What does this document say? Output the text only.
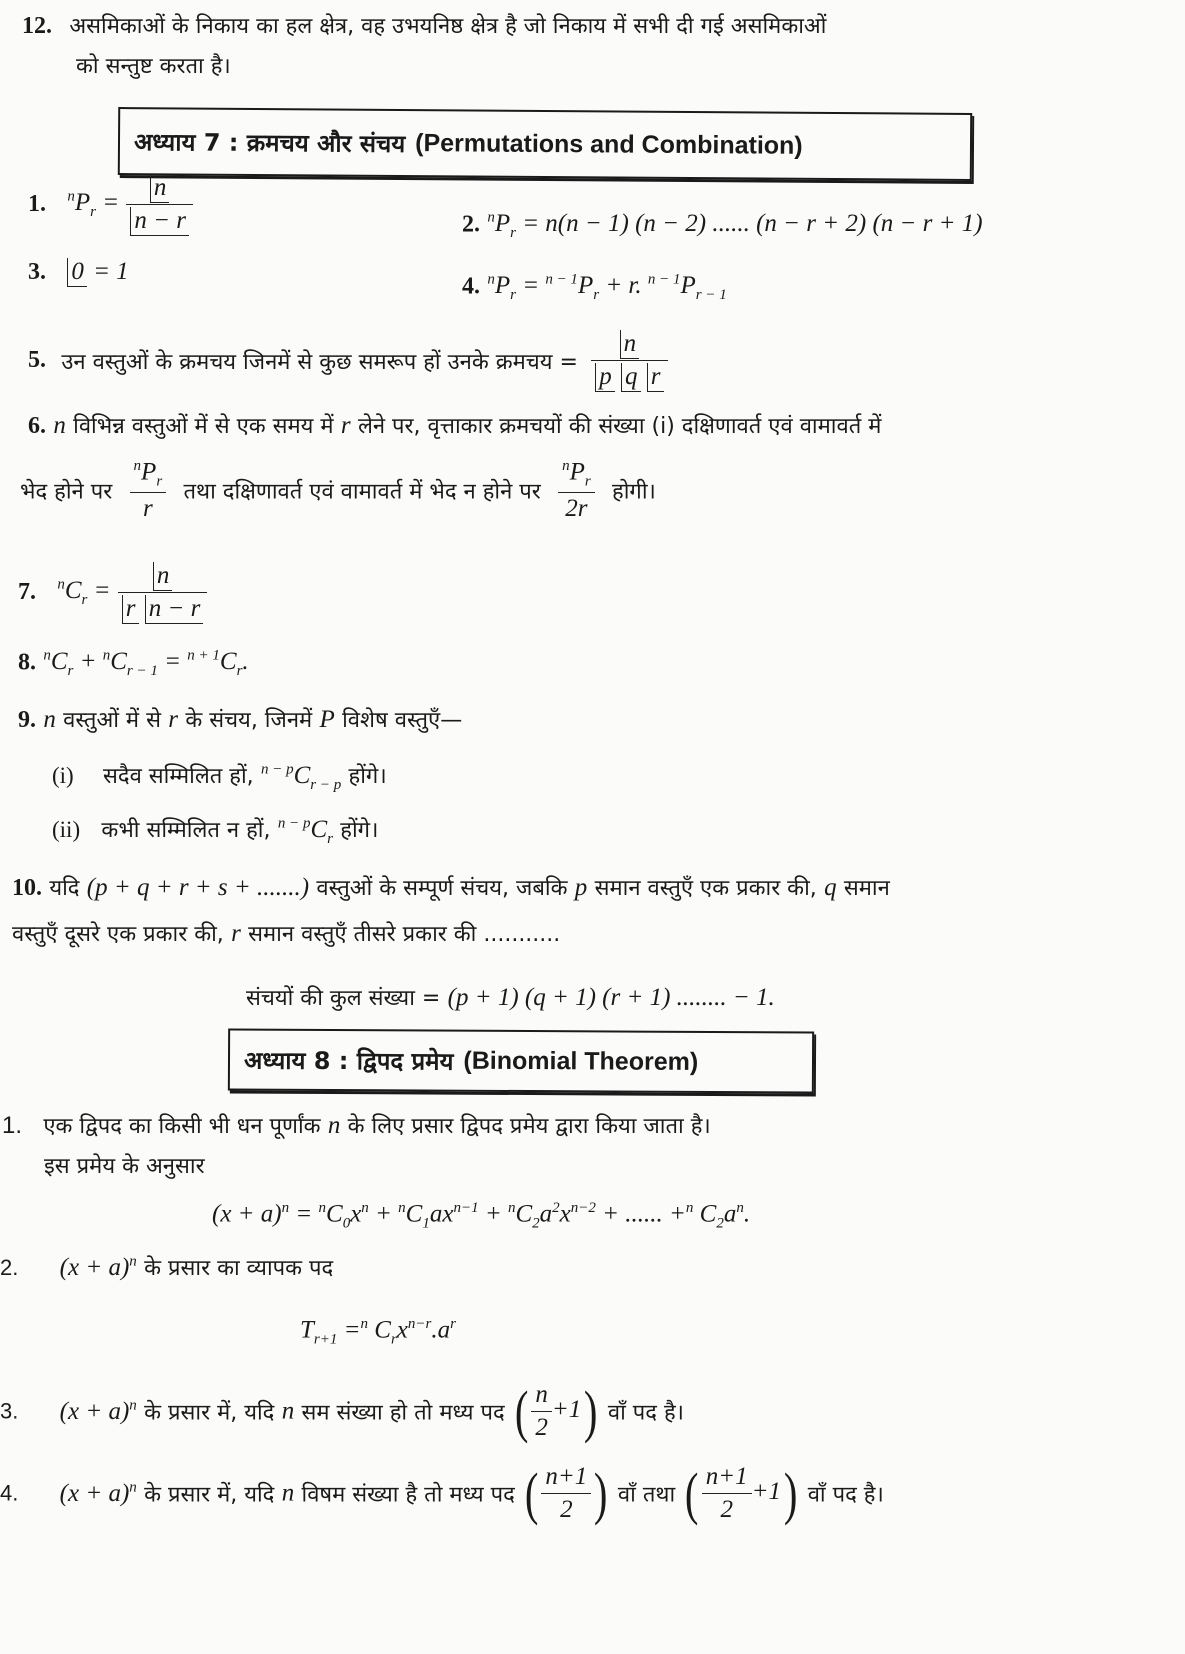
12. असमिकाओं के निकाय का हल क्षेत्र, वह उभयनिष्ठ क्षेत्र है जो निकाय में सभी दी गई असमिकाओं
को सन्तुष्ट करता है।
अध्याय 7 : क्रमचय और संचय (Permutations and Combination)
1. $^nP_r = \frac{n}{n - r}$	2. $^nP_r = n(n - 1) (n - 2)$ ...... (n − r + 2) (n − r + 1)
3. 0 = 1
4. $^nP_r = ^{n - 1}P_r + r$. $^{n - 1}P_{r - 1}$
5. उन वस्तुओं के क्रमचय जिनमें से कुछ समरूप हों उनके क्रमचय = $\frac{n}{\text{p q r}}$
6. n विभिन्न वस्तुओं में से एक समय में r लेने पर, वृत्ताकार क्रमचयों की संख्या (i) दक्षिणावर्त एवं वामावर्त में
भेद होने पर $\frac{^nP_r}{r}$ तथा दक्षिणावर्त एवं वामावर्त में भेद न होने पर $\frac{^nP_r}{2r}$ होगी।
7. $^nC_r = \frac{n}{\text{r n − r}}$
8. $^nC_r + ^nC_{r - 1} = ^{n + 1}C_r$.
9. n वस्तुओं में से r के संचय, जिनमें P विशेष वस्तुएँ—
(i) सदैव सम्मिलित हों, $^{n - p}C_{r - p}$ होंगे।
(ii) कभी सम्मिलित न हों, $^{n - p}C_r$ होंगे।
10. यदि (p + q + r + s + .......) वस्तुओं के सम्पूर्ण संचय, जबकि p समान वस्तुएँ एक प्रकार की, q समान
वस्तुएँ दूसरे एक प्रकार की, r समान वस्तुएँ तीसरे प्रकार की ...........
संचयों की कुल संख्या = (p + 1) (q + 1) (r + 1) ........ − 1.
अध्याय 8 : द्विपद प्रमेय (Binomial Theorem)
1. एक द्विपद का किसी भी धन पूर्णांक n के लिए प्रसार द्विपद प्रमेय द्वारा किया जाता है।
इस प्रमेय के अनुसार
$(x + a)^n = ^nC_0x^n + ^nC_1ax^{n-1} + ^nC_2a^2x^{n-2}$ + ...... +$^n$ $C_2a^n$.
2. $(x + a)^n$ के प्रसार का व्यापक पद
$T_{r+1} =^n$ $C_rx^{n-r}.a^r$
3. $(x + a)^n$ के प्रसार में, यदि n सम संख्या हो तो मध्य पद ( $\frac{n}{2} +1$) वाँ पद है।
4. $(x + a)^n$ के प्रसार में, यदि n विषम संख्या है तो मध्य पद ( $\frac{n+1}{2}$ ) वाँ तथा ( $\frac{n+1}{2} +1$) वाँ पद है।
